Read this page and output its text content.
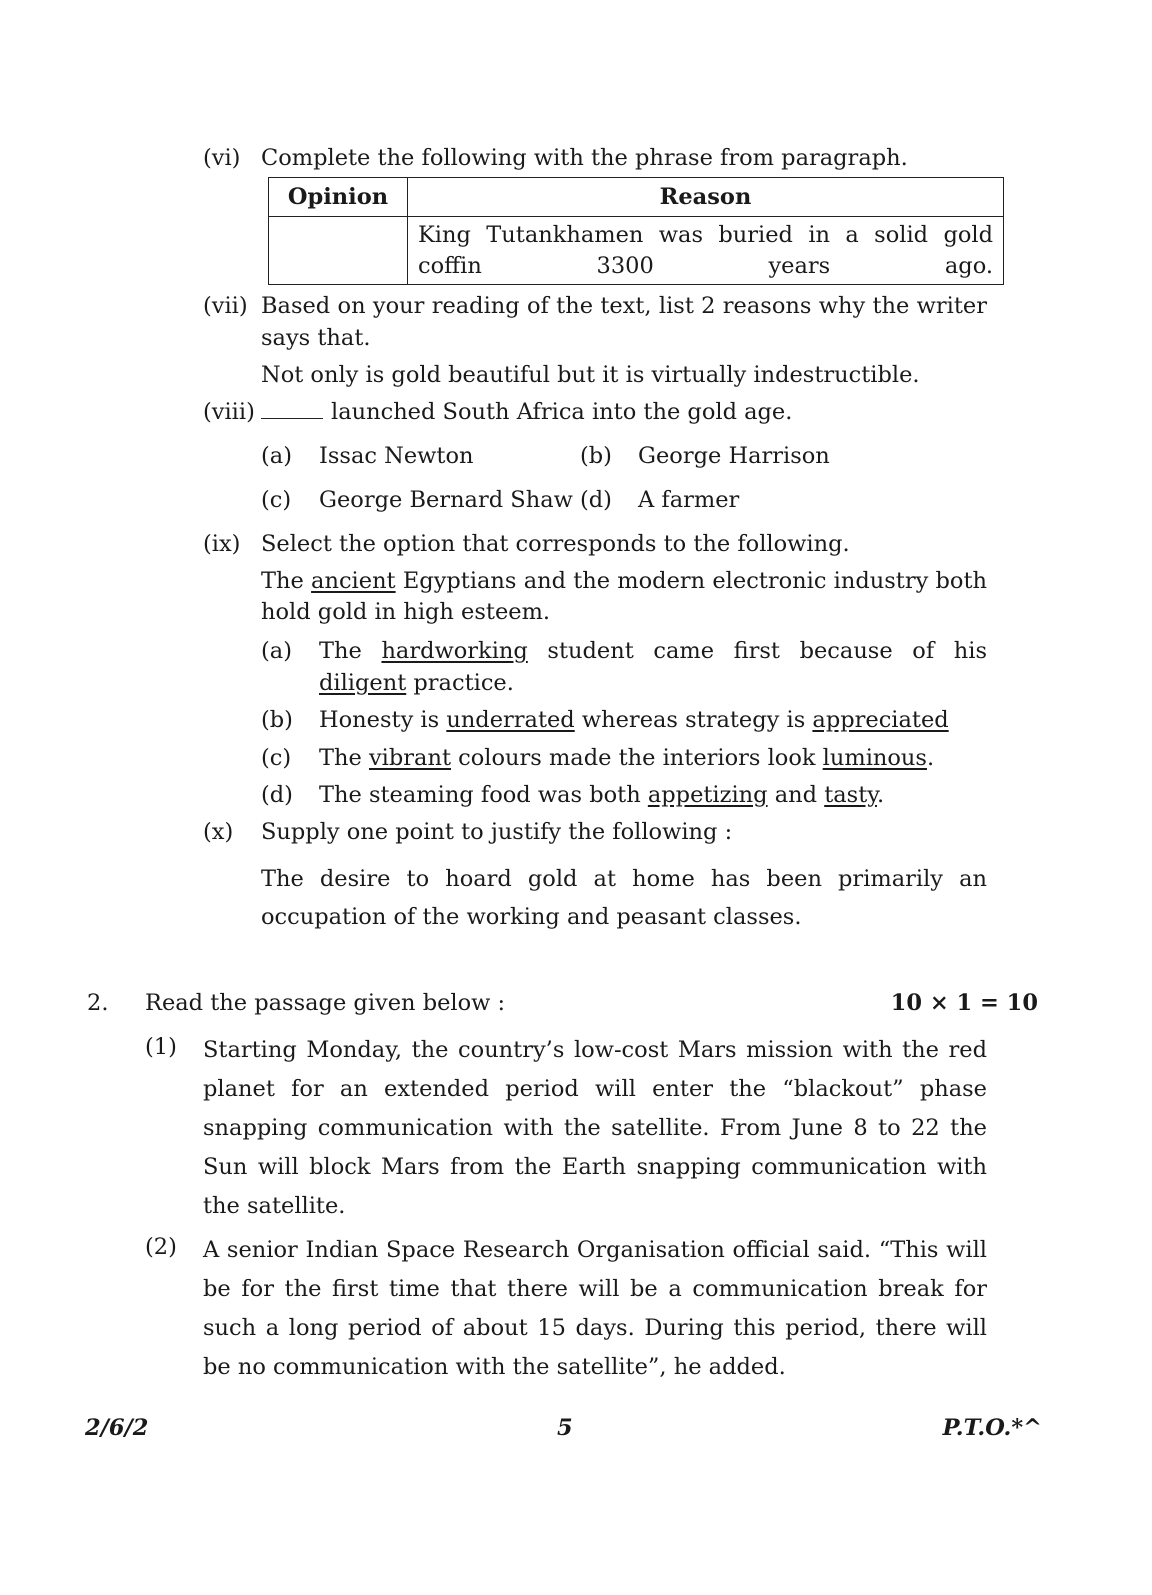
(vi) Complete the following with the phrase from paragraph.
Opinion	Reason

	King Tutankhamen was buried in a solid gold coffin 3300 years ago.
(vii) Based on your reading of the text, list 2 reasons why the writer says that.
Not only is gold beautiful but it is virtually indestructible.
(viii)	launched South Africa into the gold age.
(a) Issac Newton	(b) George Harrison
(c) George Bernard Shaw (d) A farmer
(ix) Select the option that corresponds to the following.
The ancient Egyptians and the modern electronic industry both hold gold in high esteem.
(a) The hardworking student came first because of his diligent practice.
(b) Honesty is underrated whereas strategy is appreciated
(c) The vibrant colours made the interiors look luminous.
(d) The steaming food was both appetizing and tasty.
(x) Supply one point to justify the following :
The desire to hoard gold at home has been primarily an occupation of the working and peasant classes.
2. Read the passage given below :	10 × 1 = 10
(1) Starting Monday, the country’s low-cost Mars mission with the red planet for an extended period will enter the “blackout” phase snapping communication with the satellite. From June 8 to 22 the Sun will block Mars from the Earth snapping communication with the satellite.
(2) A senior Indian Space Research Organisation official said. “This will be for the first time that there will be a communication break for such a long period of about 15 days. During this period, there will be no communication with the satellite”, he added.
2/6/2	5	P.T.O.*^
